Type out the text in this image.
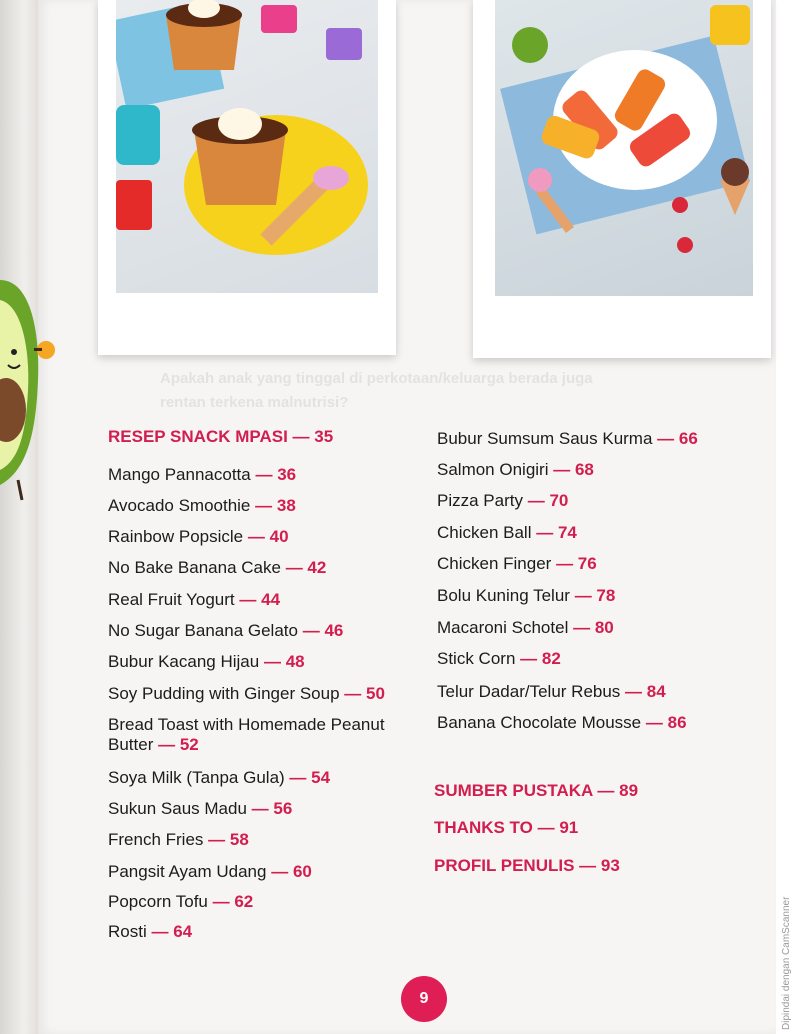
Apakah anak yang tinggal di perkotaan/keluarga berada juga
rentan terkena malnutrisi?

RESEP SNACK MPASI — 35

Mango Pannacotta — 36

Avocado Smoothie — 38

Rainbow Popsicle — 40

No Bake Banana Cake — 42

Real Fruit Yogurt — 44

No Sugar Banana Gelato — 46

Bubur Kacang Hijau — 48

Soy Pudding with Ginger Soup — 50

Bread Toast with Homemade Peanut Butter — 52

Soya Milk (Tanpa Gula) — 54

Sukun Saus Madu — 56

French Fries — 58

Pangsit Ayam Udang — 60

Popcorn Tofu — 62

Rosti — 64

Bubur Sumsum Saus Kurma — 66

Salmon Onigiri — 68

Pizza Party — 70

Chicken Ball — 74

Chicken Finger — 76

Bolu Kuning Telur — 78

Macaroni Schotel — 80

Stick Corn — 82

Telur Dadar/Telur Rebus — 84

Banana Chocolate Mousse — 86

SUMBER PUSTAKA — 89

THANKS TO — 91

PROFIL PENULIS — 93

9	Dipindai dengan CamScanner
